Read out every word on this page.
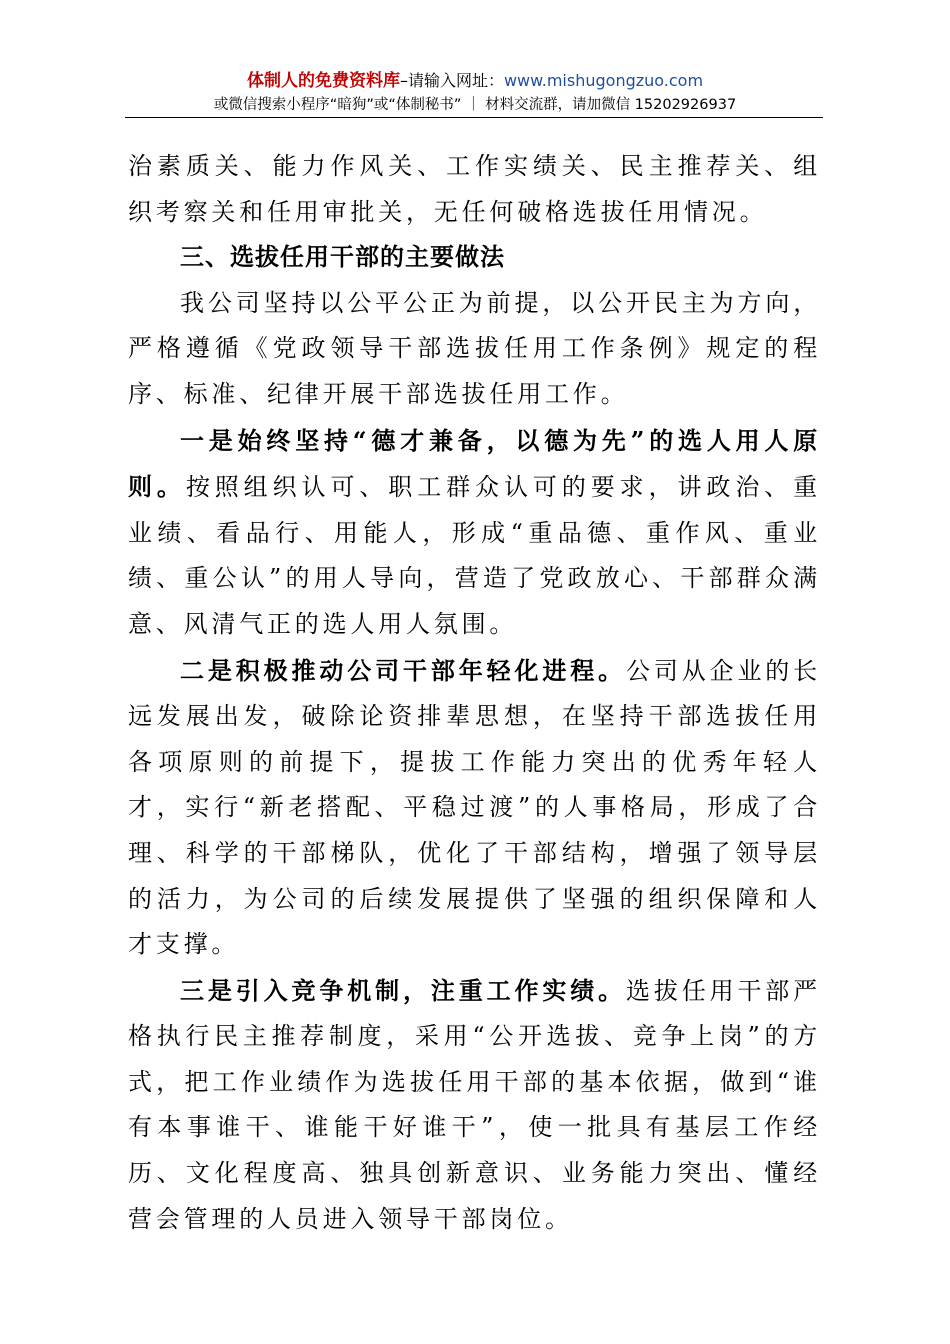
体制人的免费资料库–请输入网址：www.mishugongzuo.com
或微信搜索小程序“暗狗”或“体制秘书” ｜ 材料交流群，请加微信 15202926937

治素质关、能力作风关、工作实绩关、民主推荐关、组织考察关和任用审批关，无任何破格选拔任用情况。

三、选拔任用干部的主要做法

我公司坚持以公平公正为前提，以公开民主为方向，严格遵循《党政领导干部选拔任用工作条例》规定的程序、标准、纪律开展干部选拔任用工作。

一是始终坚持“德才兼备，以德为先”的选人用人原则。按照组织认可、职工群众认可的要求，讲政治、重业绩、看品行、用能人，形成“重品德、重作风、重业绩、重公认”的用人导向，营造了党政放心、干部群众满意、风清气正的选人用人氛围。

二是积极推动公司干部年轻化进程。公司从企业的长远发展出发，破除论资排辈思想，在坚持干部选拔任用各项原则的前提下，提拔工作能力突出的优秀年轻人才，实行“新老搭配、平稳过渡”的人事格局，形成了合理、科学的干部梯队，优化了干部结构，增强了领导层的活力，为公司的后续发展提供了坚强的组织保障和人才支撑。

三是引入竞争机制，注重工作实绩。选拔任用干部严格执行民主推荐制度，采用“公开选拔、竞争上岗”的方式，把工作业绩作为选拔任用干部的基本依据，做到“谁有本事谁干、谁能干好谁干”，使一批具有基层工作经历、文化程度高、独具创新意识、业务能力突出、懂经营会管理的人员进入领导干部岗位。
